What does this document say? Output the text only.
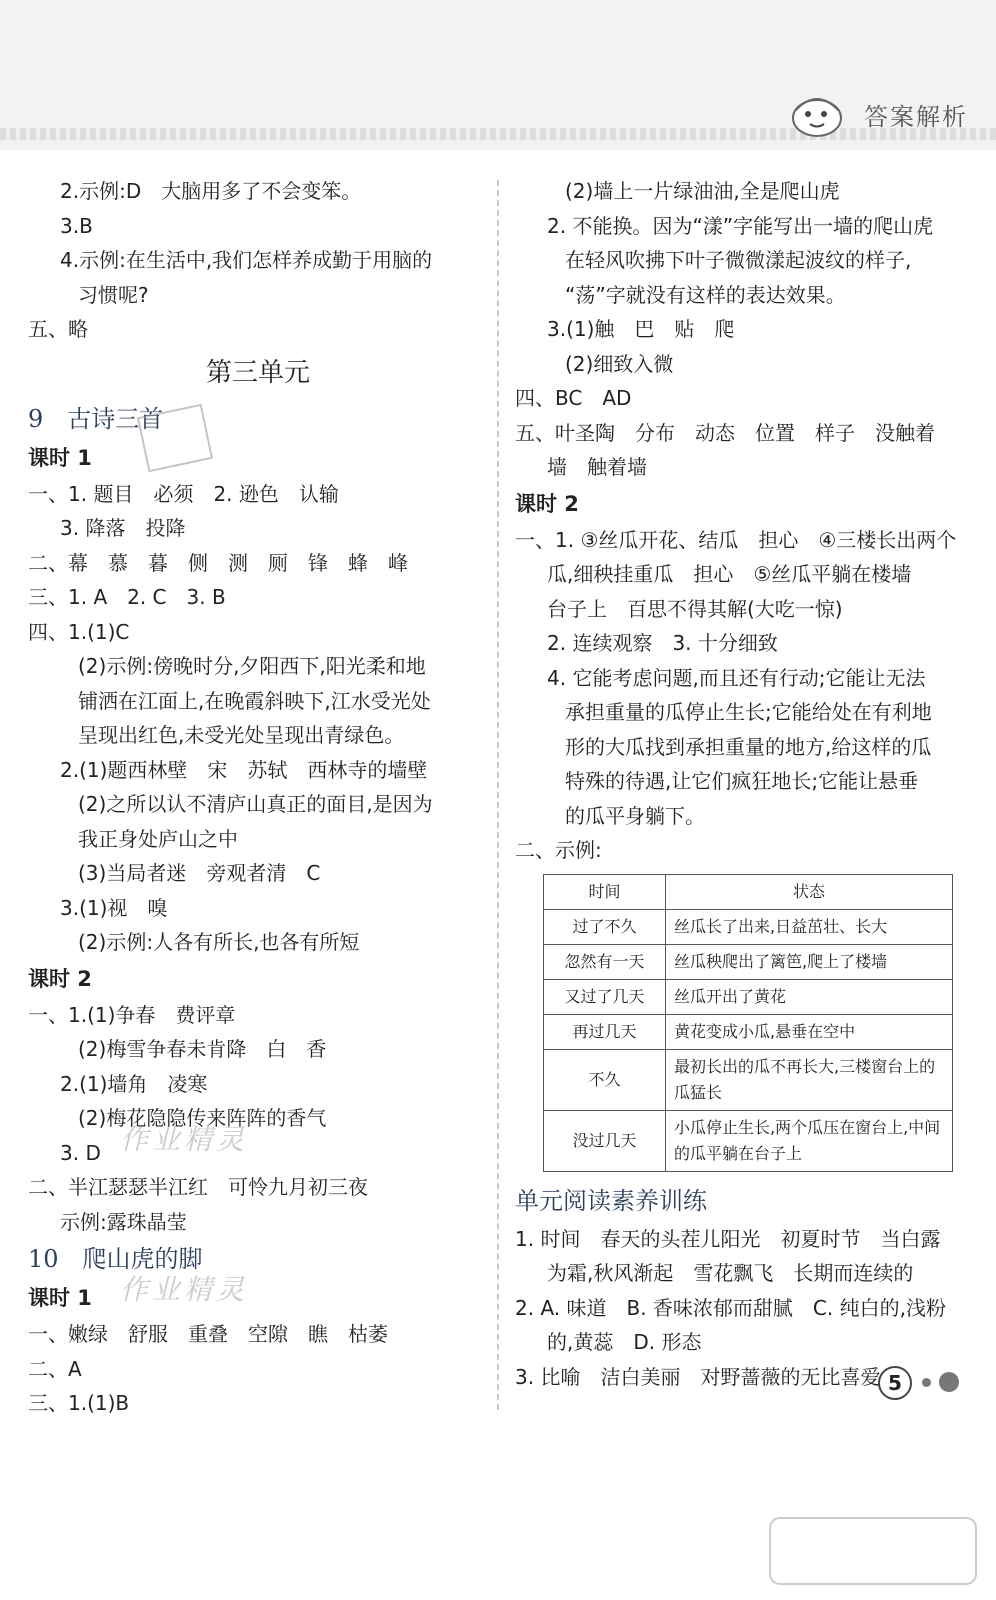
答案解析
2.示例:D　大脑用多了不会变笨。
3.B
4.示例:在生活中,我们怎样养成勤于用脑的
习惯呢?
五、略
第三单元
9　古诗三首
课时 1
一、1. 题目　必须　2. 逊色　认输
3. 降落　投降
二、幕　慕　暮　侧　测　厕　锋　蜂　峰
三、1. A　2. C　3. B
四、1.(1)C
(2)示例:傍晚时分,夕阳西下,阳光柔和地
铺洒在江面上,在晚霞斜映下,江水受光处
呈现出红色,未受光处呈现出青绿色。
2.(1)题西林壁　宋　苏轼　西林寺的墙壁
(2)之所以认不清庐山真正的面目,是因为
我正身处庐山之中
(3)当局者迷　旁观者清　C
3.(1)视　嗅
(2)示例:人各有所长,也各有所短
课时 2
一、1.(1)争春　费评章
(2)梅雪争春未肯降　白　香
2.(1)墙角　凌寒
(2)梅花隐隐传来阵阵的香气
3. D
二、半江瑟瑟半江红　可怜九月初三夜
示例:露珠晶莹
10　爬山虎的脚
课时 1
一、嫩绿　舒服　重叠　空隙　瞧　枯萎
二、A
三、1.(1)B
(2)墙上一片绿油油,全是爬山虎
2. 不能换。因为“漾”字能写出一墙的爬山虎
在轻风吹拂下叶子微微漾起波纹的样子,
“荡”字就没有这样的表达效果。
3.(1)触　巴　贴　爬
(2)细致入微
四、BC　AD
五、叶圣陶　分布　动态　位置　样子　没触着
墙　触着墙
课时 2
一、1. ③丝瓜开花、结瓜　担心　④三楼长出两个
瓜,细秧挂重瓜　担心　⑤丝瓜平躺在楼墙
台子上　百思不得其解(大吃一惊)
2. 连续观察　3. 十分细致
4. 它能考虑问题,而且还有行动;它能让无法
承担重量的瓜停止生长;它能给处在有利地
形的大瓜找到承担重量的地方,给这样的瓜
特殊的待遇,让它们疯狂地长;它能让悬垂
的瓜平身躺下。
二、示例:
时间	状态
过了不久	丝瓜长了出来,日益茁壮、长大
忽然有一天	丝瓜秧爬出了篱笆,爬上了楼墙
又过了几天	丝瓜开出了黄花
再过几天	黄花变成小瓜,悬垂在空中
不久	最初长出的瓜不再长大,三楼窗台上的瓜猛长
没过几天	小瓜停止生长,两个瓜压在窗台上,中间的瓜平躺在台子上
单元阅读素养训练
1. 时间　春天的头茬儿阳光　初夏时节　当白露
为霜,秋风渐起　雪花飘飞　长期而连续的
2. A. 味道　B. 香味浓郁而甜腻　C. 纯白的,浅粉
的,黄蕊　D. 形态
3. 比喻　洁白美丽　对野蔷薇的无比喜爱
作业精灵
作业精灵
5
